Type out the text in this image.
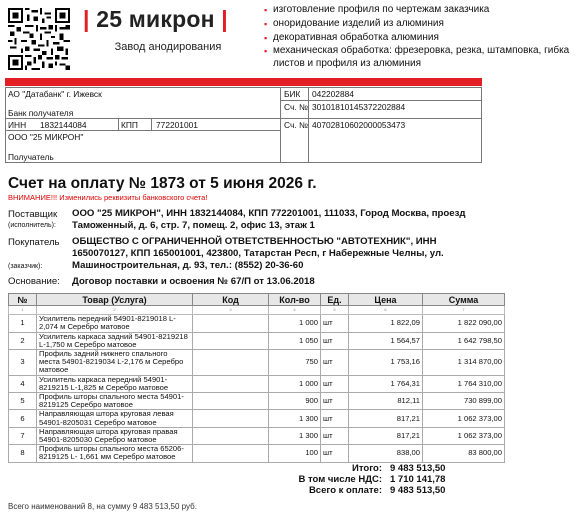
| 25 микрон |
Завод анодирования
▪ изготовление профиля по чертежам заказчика
▪ оноридование изделий из алюминия
▪ декоративная обработка алюминия
▪ механическая обработка: фрезеровка, резка, штамповка, гибка листов и профиля из алюминия
АО "Датабанк" г. Ижевск
Банк получателя
БИК 042202884
Сч. № 30101810145372202884
ИНН 1832144084	КПП 772201001	Сч. № 40702810602000053473
ООО "25 МИКРОН"
Получатель
Счет на оплату № 1873 от 5 июня 2026 г.
ВНИМАНИЕ!!! Изменились реквизиты банковского счета!
Поставщик
(исполнитель):
ООО "25 МИКРОН", ИНН 1832144084, КПП 772201001, 111033, Город Москва, проезд Таможенный, д. 6, стр. 7, помещ. 2, офис 13, этаж 1
Покупатель
(заказчик):
ОБЩЕСТВО С ОГРАНИЧЕННОЙ ОТВЕТСТВЕННОСТЬЮ "АВТОТЕХНИК", ИНН 1650070127, КПП 165001001, 423800, Татарстан Респ, г Набережные Челны, ул. Машиностроительная, д. 93, тел.: (8552) 20-36-60
Основание: Договор поставки и освоения № 67/П от 13.06.2018
№	Товар (Услуга)	Код	Кол-во	Ед.	Цена	Сумма
1	2	3	4	5	6	7
1	Усилитель передний 54901-8219018 L-2,074 м Серебро матовое		1 000	шт	1 822,09	1 822 090,00
2	Усилитель каркаса задний 54901-8219218 L-1,750 м Серебро матовое		1 050	шт	1 564,57	1 642 798,50
3	Профиль задний нижнего спального места 54901-8219034 L-2,176 м Серебро матовое		750	шт	1 753,16	1 314 870,00
4	Усилитель каркаса передний 54901-8219215 L-1,825 м Серебро матовое		1 000	шт	1 764,31	1 764 310,00
5	Профиль шторы спального места 54901-8219125 Серебро матовое		900	шт	812,11	730 899,00
6	Направляющая штора круговая левая 54901-8205031 Серебро матовое		1 300	шт	817,21	1 062 373,00
7	Направляющая штора круговая правая 54901-8205030 Серебро матовое		1 300	шт	817,21	1 062 373,00
8	Профиль шторы спального места 65206-8219125 L- 1,661 мм Серебро матовое		100	шт	838,00	83 800,00
Итого: 9 483 513,50
В том числе НДС: 1 710 141,78
Всего к оплате: 9 483 513,50
Всего наименований 8, на сумму 9 483 513,50 руб.
